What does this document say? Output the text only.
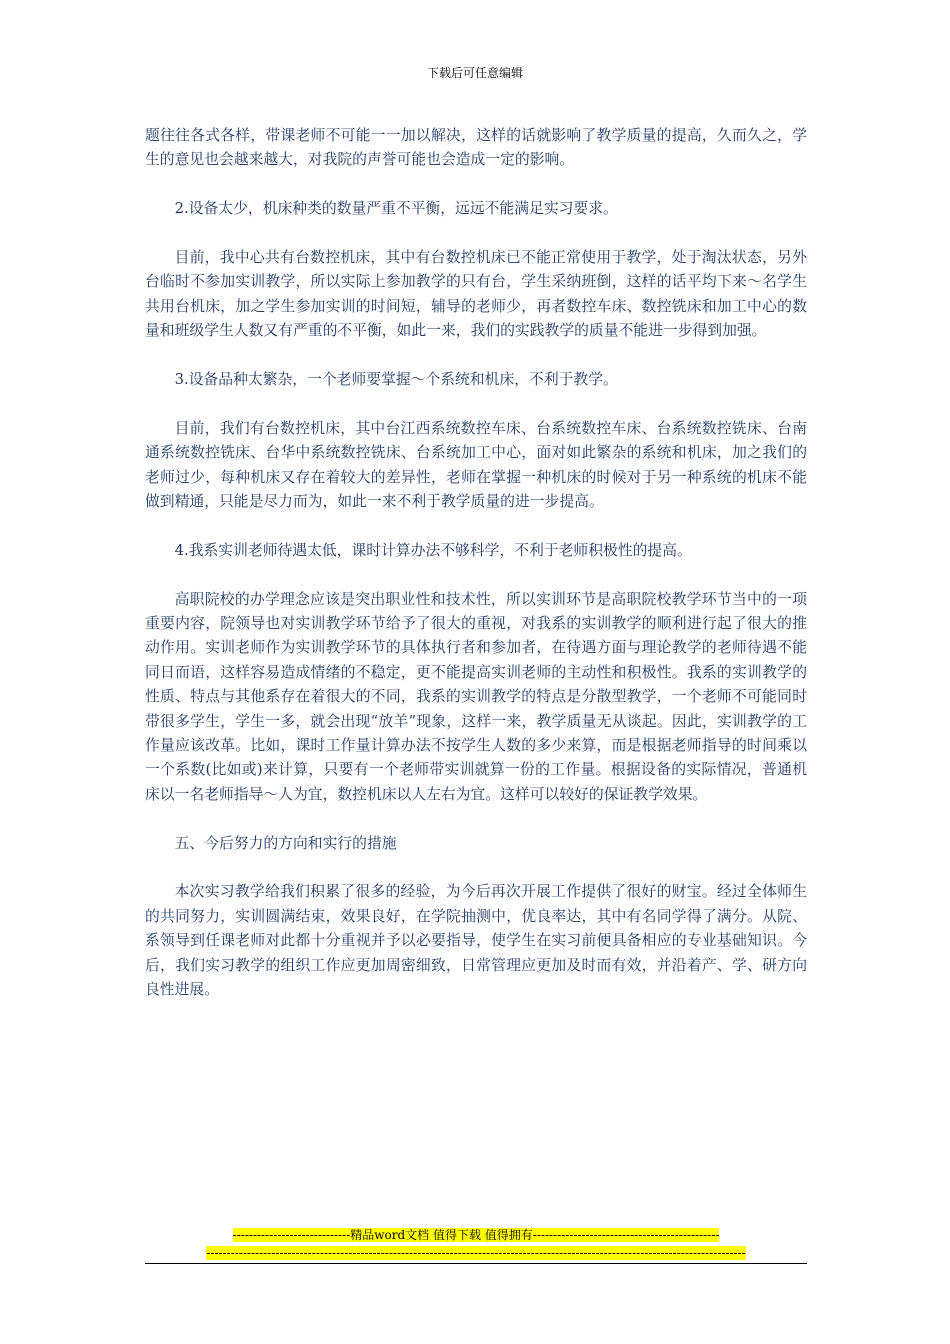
下载后可任意编辑

题往往各式各样，带课老师不可能一一加以解决，这样的话就影响了教学质量的提高，久而久之，学生的意见也会越来越大，对我院的声誉可能也会造成一定的影响。

2.设备太少，机床种类的数量严重不平衡，远远不能满足实习要求。

目前，我中心共有台数控机床，其中有台数控机床已不能正常使用于教学，处于淘汰状态，另外台临时不参加实训教学，所以实际上参加教学的只有台，学生采纳班倒，这样的话平均下来～名学生共用台机床，加之学生参加实训的时间短，辅导的老师少，再者数控车床、数控铣床和加工中心的数量和班级学生人数又有严重的不平衡，如此一来，我们的实践教学的质量不能进一步得到加强。

3.设备品种太繁杂，一个老师要掌握～个系统和机床，不利于教学。

目前，我们有台数控机床，其中台江西系统数控车床、台系统数控车床、台系统数控铣床、台南通系统数控铣床、台华中系统数控铣床、台系统加工中心，面对如此繁杂的系统和机床，加之我们的老师过少，每种机床又存在着较大的差异性，老师在掌握一种机床的时候对于另一种系统的机床不能做到精通，只能是尽力而为，如此一来不利于教学质量的进一步提高。

4.我系实训老师待遇太低，课时计算办法不够科学，不利于老师积极性的提高。

高职院校的办学理念应该是突出职业性和技术性，所以实训环节是高职院校教学环节当中的一项重要内容，院领导也对实训教学环节给予了很大的重视，对我系的实训教学的顺利进行起了很大的推动作用。实训老师作为实训教学环节的具体执行者和参加者，在待遇方面与理论教学的老师待遇不能同日而语，这样容易造成情绪的不稳定，更不能提高实训老师的主动性和积极性。我系的实训教学的性质、特点与其他系存在着很大的不同，我系的实训教学的特点是分散型教学，一个老师不可能同时带很多学生，学生一多，就会出现“放羊”现象，这样一来，教学质量无从谈起。因此，实训教学的工作量应该改革。比如，课时工作量计算办法不按学生人数的多少来算，而是根据老师指导的时间乘以一个系数(比如或)来计算，只要有一个老师带实训就算一份的工作量。根据设备的实际情况，普通机床以一名老师指导～人为宜，数控机床以人左右为宜。这样可以较好的保证教学效果。

五、今后努力的方向和实行的措施

本次实习教学给我们积累了很多的经验，为今后再次开展工作提供了很好的财宝。经过全体师生的共同努力，实训圆满结束，效果良好，在学院抽测中，优良率达，其中有名同学得了满分。从院、系领导到任课老师对此都十分重视并予以必要指导，使学生在实习前便具备相应的专业基础知识。今后，我们实习教学的组织工作应更加周密细致，日常管理应更加及时而有效，并沿着产、学、研方向良性进展。

-----------------------------精品word文档 值得下载 值得拥有----------------------------------------------
-------------------------------------------------------------------------------------------------------------------------------------
